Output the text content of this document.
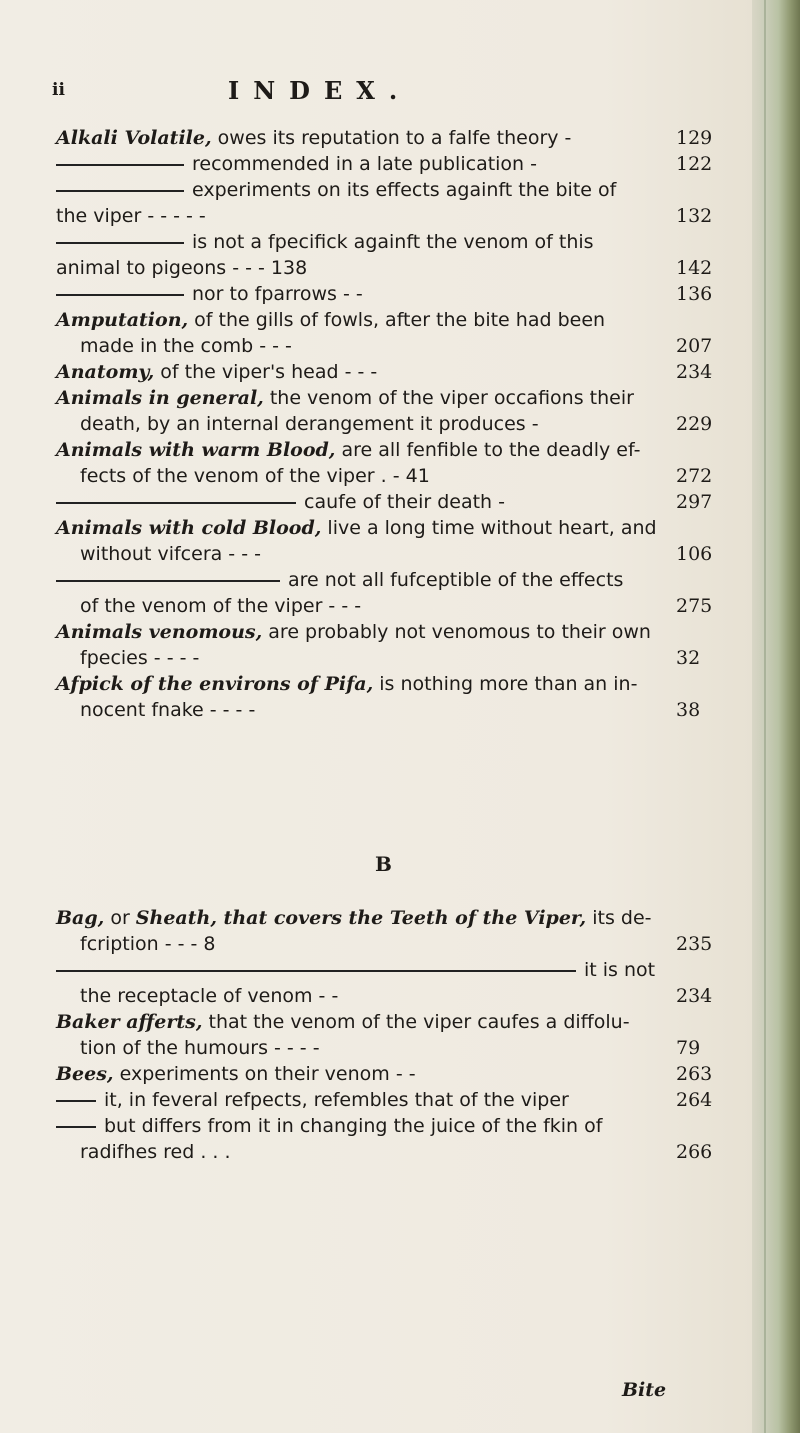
ii	INDEX.
Alkali Volatile, owes its reputation to a falfe theory -	129
recommended in a late publication -	122
experiments on its effects againft the bite of
the viper - - - - -	132
is not a fpecifick againft the venom of this
animal to pigeons - - - 138	142
nor to fparrows - -	136
Amputation, of the gills of fowls, after the bite had been
made in the comb - - -	207
Anatomy, of the viper's head - - -	234
Animals in general, the venom of the viper occafions their
death, by an internal derangement it produces -	229
Animals with warm Blood, are all fenfible to the deadly ef-
fects of the venom of the viper . - 41	272
caufe of their death -	297
Animals with cold Blood, live a long time without heart, and
without vifcera - - -	106
are not all fufceptible of the effects
of the venom of the viper - - -	275
Animals venomous, are probably not venomous to their own
fpecies - - - -	32
Afpick of the environs of Pifa, is nothing more than an in-
nocent fnake - - - -	38
B
Bag, or Sheath, that covers the Teeth of the Viper, its de-
fcription - - - 8	235
it is not
the receptacle of venom - -	234
Baker afferts, that the venom of the viper caufes a diffolu-
tion of the humours - - - -	79
Bees, experiments on their venom - -	263
it, in feveral refpects, refembles that of the viper	264
but differs from it in changing the juice of the fkin of
radifhes red . . .	266
Bite
